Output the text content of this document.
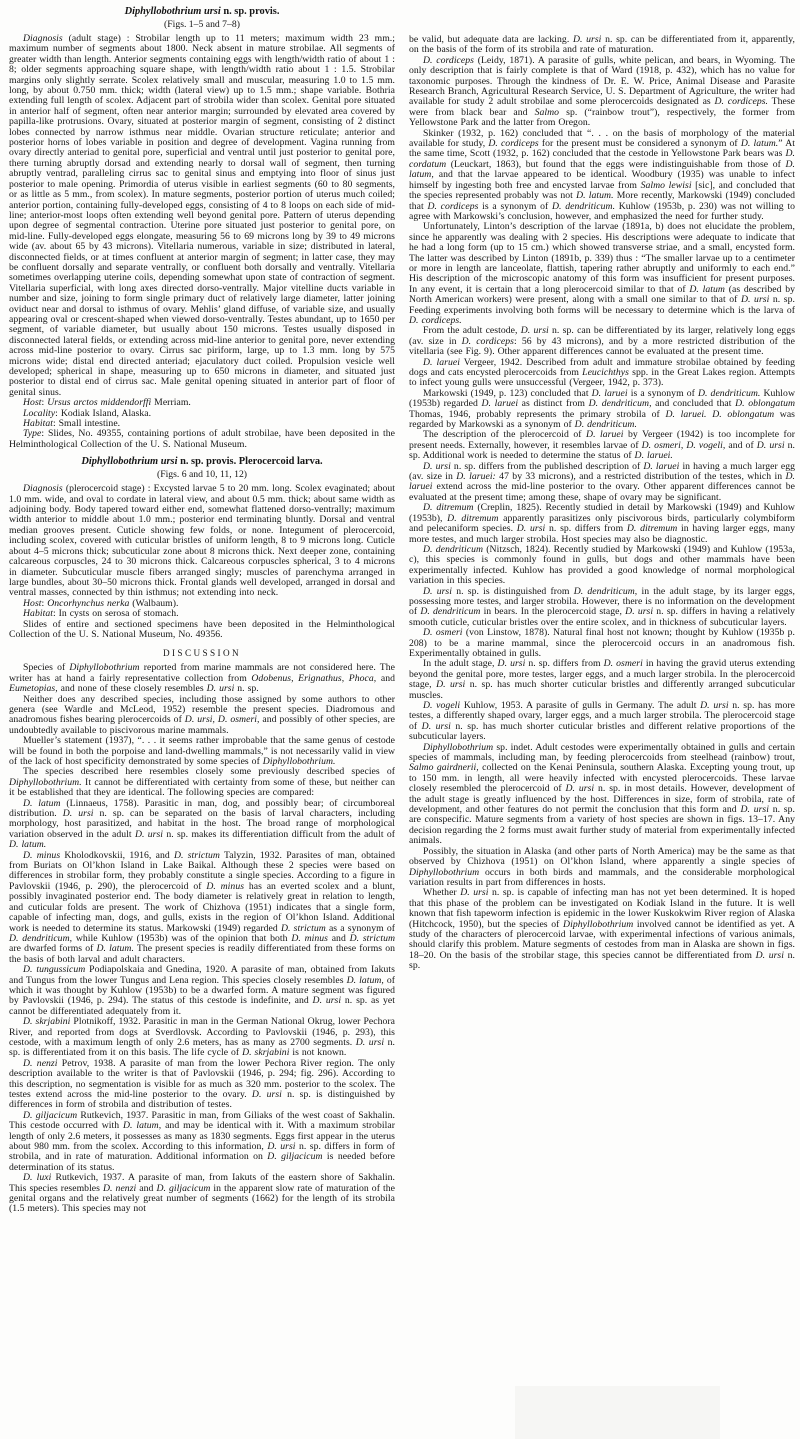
Diphyllobothrium ursi n. sp. provis.
(Figs. 1–5 and 7–8)

Diagnosis (adult stage) : Strobilar length up to 11 meters; maximum width 23 mm.; maximum number of segments about 1800. Neck absent in mature strobilae. All segments of greater width than length. Anterior segments containing eggs with length/width ratio of about 1 : 8; older segments approaching square shape, with length/width ratio about 1 : 1.5. Strobilar margins only slightly serrate. Scolex relatively small and muscular, measuring 1.0 to 1.5 mm. long, by about 0.750 mm. thick; width (lateral view) up to 1.5 mm.; shape variable. Bothria extending full length of scolex. Adjacent part of strobila wider than scolex. Genital pore situated in anterior half of segment, often near anterior margin; surrounded by elevated area covered by papilla-like protrusions. Ovary, situated at posterior margin of segment, consisting of 2 distinct lobes connected by narrow isthmus near middle. Ovarian structure reticulate; anterior and posterior horns of lobes variable in position and degree of development. Vagina running from ovary directly anteriad to genital pore, superficial and ventral until just posterior to genital pore, there turning abruptly dorsad and extending nearly to dorsal wall of segment, then turning abruptly ventrad, paralleling cirrus sac to genital sinus and emptying into floor of sinus just posterior to male opening. Primordia of uterus visible in earliest segments (60 to 80 segments, or as little as 5 mm., from scolex). In mature segments, posterior portion of uterus much coiled; anterior portion, containing fully-developed eggs, consisting of 4 to 8 loops on each side of mid-line; anterior-most loops often extending well beyond genital pore. Pattern of uterus depending upon degree of segmental contraction. Uterine pore situated just posterior to genital pore, on mid-line. Fully-developed eggs elongate, measuring 56 to 69 microns long by 39 to 49 microns wide (av. about 65 by 43 microns). Vitellaria numerous, variable in size; distributed in lateral, disconnected fields, or at times confluent at anterior margin of segment; in latter case, they may be confluent dorsally and separate ventrally, or confluent both dorsally and ventrally. Vitellaria sometimes overlapping uterine coils, depending somewhat upon state of contraction of segment. Vitellaria superficial, with long axes directed dorso-ventrally. Major vitelline ducts variable in number and size, joining to form single primary duct of relatively large diameter, latter joining oviduct near and dorsal to isthmus of ovary. Mehlis’ gland diffuse, of variable size, and usually appearing oval or crescent-shaped when viewed dorso-ventrally. Testes abundant, up to 1650 per segment, of variable diameter, but usually about 150 microns. Testes usually disposed in disconnected lateral fields, or extending across mid-line anterior to genital pore, never extending across mid-line posterior to ovary. Cirrus sac piriform, large, up to 1.3 mm. long by 575 microns wide; distal end directed anteriad; ejaculatory duct coiled. Propulsion vesicle well developed; spherical in shape, measuring up to 650 microns in diameter, and situated just posterior to distal end of cirrus sac. Male genital opening situated in anterior part of floor of genital sinus.

Host: Ursus arctos middendorffi Merriam.

Locality: Kodiak Island, Alaska.

Habitat: Small intestine.

Type: Slides, No. 49355, containing portions of adult strobilae, have been deposited in the Helminthological Collection of the U. S. National Museum.

Diphyllobothrium ursi n. sp. provis. Plerocercoid larva.
(Figs. 6 and 10, 11, 12)

Diagnosis (plerocercoid stage) : Excysted larvae 5 to 20 mm. long. Scolex evaginated; about 1.0 mm. wide, and oval to cordate in lateral view, and about 0.5 mm. thick; about same width as adjoining body. Body tapered toward either end, somewhat flattened dorso-ventrally; maximum width anterior to middle about 1.0 mm.; posterior end terminating bluntly. Dorsal and ventral median grooves present. Cuticle showing few folds, or none. Integument of plerocercoid, including scolex, covered with cuticular bristles of uniform length, 8 to 9 microns long. Cuticle about 4–5 microns thick; subcuticular zone about 8 microns thick. Next deeper zone, containing calcareous corpuscles, 24 to 30 microns thick. Calcareous corpuscles spherical, 3 to 4 microns in diameter. Subcuticular muscle fibers arranged singly; muscles of parenchyma arranged in large bundles, about 30–50 microns thick. Frontal glands well developed, arranged in dorsal and ventral masses, connected by thin isthmus; not extending into neck.

Host: Oncorhynchus nerka (Walbaum).

Habitat: In cysts on serosa of stomach.

Slides of entire and sectioned specimens have been deposited in the Helminthological Collection of the U. S. National Museum, No. 49356.

DISCUSSION

Species of Diphyllobothrium reported from marine mammals are not considered here. The writer has at hand a fairly representative collection from Odobenus, Erignathus, Phoca, and Eumetopias, and none of these closely resembles D. ursi n. sp.

Neither does any described species, including those assigned by some authors to other genera (see Wardle and McLeod, 1952) resemble the present species. Diadromous and anadromous fishes bearing plerocercoids of D. ursi, D. osmeri, and possibly of other species, are undoubtedly available to piscivorous marine mammals.

Mueller’s statement (1937), “. . . it seems rather improbable that the same genus of cestode will be found in both the porpoise and land-dwelling mammals,” is not necessarily valid in view of the lack of host specificity demonstrated by some species of Diphyllobothrium.

The species described here resembles closely some previously described species of Diphyllobothrium. It cannot be differentiated with certainty from some of these, but neither can it be established that they are identical. The following species are compared:

D. latum (Linnaeus, 1758). Parasitic in man, dog, and possibly bear; of circumboreal distribution. D. ursi n. sp. can be separated on the basis of larval characters, including morphology, host parasitized, and habitat in the host. The broad range of morphological variation observed in the adult D. ursi n. sp. makes its differentiation difficult from the adult of D. latum.

D. minus Kholodkovskii, 1916, and D. strictum Talyzin, 1932. Parasites of man, obtained from Buriats on Ol’khon Island in Lake Baikal. Although these 2 species were based on differences in strobilar form, they probably constitute a single species. According to a figure in Pavlovskii (1946, p. 290), the plerocercoid of D. minus has an everted scolex and a blunt, possibly invaginated posterior end. The body diameter is relatively great in relation to length, and cuticular folds are present. The work of Chizhova (1951) indicates that a single form, capable of infecting man, dogs, and gulls, exists in the region of Ol’khon Island. Additional work is needed to determine its status. Markowski (1949) regarded D. strictum as a synonym of D. dendriticum, while Kuhlow (1953b) was of the opinion that both D. minus and D. strictum are dwarfed forms of D. latum. The present species is readily differentiated from these forms on the basis of both larval and adult characters.

D. tungussicum Podiapolskaia and Gnedina, 1920. A parasite of man, obtained from Iakuts and Tungus from the lower Tungus and Lena region. This species closely resembles D. latum, of which it was thought by Kuhlow (1953b) to be a dwarfed form. A mature segment was figured by Pavlovskii (1946, p. 294). The status of this cestode is indefinite, and D. ursi n. sp. as yet cannot be differentiated adequately from it.

D. skrjabini Plotnikoff, 1932. Parasitic in man in the German National Okrug, lower Pechora River, and reported from dogs at Sverdlovsk. According to Pavlovskii (1946, p. 293), this cestode, with a maximum length of only 2.6 meters, has as many as 2700 segments. D. ursi n. sp. is differentiated from it on this basis. The life cycle of D. skrjabini is not known.

D. nenzi Petrov, 1938. A parasite of man from the lower Pechora River region. The only description available to the writer is that of Pavlovskii (1946, p. 294; fig. 296). According to this description, no segmentation is visible for as much as 320 mm. posterior to the scolex. The testes extend across the mid-line posterior to the ovary. D. ursi n. sp. is distinguished by differences in form of strobila and distribution of testes.

D. giljacicum Rutkevich, 1937. Parasitic in man, from Giliaks of the west coast of Sakhalin. This cestode occurred with D. latum, and may be identical with it. With a maximum strobilar length of only 2.6 meters, it possesses as many as 1830 segments. Eggs first appear in the uterus about 980 mm. from the scolex. According to this information, D. ursi n. sp. differs in form of strobila, and in rate of maturation. Additional information on D. giljacicum is needed before determination of its status.

D. luxi Rutkevich, 1937. A parasite of man, from Iakuts of the eastern shore of Sakhalin. This species resembles D. nenzi and D. giljacicum in the apparent slow rate of maturation of the genital organs and the relatively great number of segments (1662) for the length of its strobila (1.5 meters). This species may not

be valid, but adequate data are lacking. D. ursi n. sp. can be differentiated from it, apparently, on the basis of the form of its strobila and rate of maturation.

D. cordiceps (Leidy, 1871). A parasite of gulls, white pelican, and bears, in Wyoming. The only description that is fairly complete is that of Ward (1918, p. 432), which has no value for taxonomic purposes. Through the kindness of Dr. E. W. Price, Animal Disease and Parasite Research Branch, Agricultural Research Service, U. S. Department of Agriculture, the writer had available for study 2 adult strobilae and some plerocercoids designated as D. cordiceps. These were from black bear and Salmo sp. (“rainbow trout”), respectively, the former from Yellowstone Park and the latter from Oregon.

Skinker (1932, p. 162) concluded that “. . . on the basis of morphology of the material available for study, D. cordiceps for the present must be considered a synonym of D. latum.” At the same time, Scott (1932, p. 162) concluded that the cestode in Yellowstone Park bears was D. cordatum (Leuckart, 1863), but found that the eggs were indistinguishable from those of D. latum, and that the larvae appeared to be identical. Woodbury (1935) was unable to infect himself by ingesting both free and encysted larvae from Salmo lewisi [sic], and concluded that the species represented probably was not D. latum. More recently, Markowski (1949) concluded that D. cordiceps is a synonym of D. dendriticum. Kuhlow (1953b, p. 230) was not willing to agree with Markowski’s conclusion, however, and emphasized the need for further study.

Unfortunately, Linton’s description of the larvae (1891a, b) does not elucidate the problem, since he apparently was dealing with 2 species. His descriptions were adequate to indicate that he had a long form (up to 15 cm.) which showed transverse striae, and a small, encysted form. The latter was described by Linton (1891b, p. 339) thus : “The smaller larvae up to a centimeter or more in length are lanceolate, flattish, tapering rather abruptly and uniformly to each end.” His description of the microscopic anatomy of this form was insufficient for present purposes. In any event, it is certain that a long plerocercoid similar to that of D. latum (as described by North American workers) were present, along with a small one similar to that of D. ursi n. sp. Feeding experiments involving both forms will be necessary to determine which is the larva of D. cordiceps.

From the adult cestode, D. ursi n. sp. can be differentiated by its larger, relatively long eggs (av. size in D. cordiceps: 56 by 43 microns), and by a more restricted distribution of the vitellaria (see Fig. 9). Other apparent differences cannot be evaluated at the present time.

D. laruei Vergeer, 1942. Described from adult and immature strobilae obtained by feeding dogs and cats encysted plerocercoids from Leucichthys spp. in the Great Lakes region. Attempts to infect young gulls were unsuccessful (Vergeer, 1942, p. 373).

Markowski (1949, p. 123) concluded that D. laruei is a synonym of D. dendriticum. Kuhlow (1953b) regarded D. laruei as distinct from D. dendriticum, and concluded that D. oblongatum Thomas, 1946, probably represents the primary strobila of D. laruei. D. oblongatum was regarded by Markowski as a synonym of D. dendriticum.

The description of the plerocercoid of D. laruei by Vergeer (1942) is too incomplete for present needs. Externally, however, it resembles larvae of D. osmeri, D. vogeli, and of D. ursi n. sp. Additional work is needed to determine the status of D. laruei.

D. ursi n. sp. differs from the published description of D. laruei in having a much larger egg (av. size in D. laruei: 47 by 33 microns), and a restricted distribution of the testes, which in D. laruei extend across the mid-line posterior to the ovary. Other apparent differences cannot be evaluated at the present time; among these, shape of ovary may be significant.

D. ditremum (Creplin, 1825). Recently studied in detail by Markowski (1949) and Kuhlow (1953b), D. ditremum apparently parasitizes only piscivorous birds, particularly colymbiform and pelecaniform species. D. ursi n. sp. differs from D. ditremum in having larger eggs, many more testes, and much larger strobila. Host species may also be diagnostic.

D. dendriticum (Nitzsch, 1824). Recently studied by Markowski (1949) and Kuhlow (1953a, c), this species is commonly found in gulls, but dogs and other mammals have been experimentally infected. Kuhlow has provided a good knowledge of normal morphological variation in this species.

D. ursi n. sp. is distinguished from D. dendriticum, in the adult stage, by its larger eggs, possessing more testes, and larger strobila. However, there is no information on the development of D. dendriticum in bears. In the plerocercoid stage, D. ursi n. sp. differs in having a relatively smooth cuticle, cuticular bristles over the entire scolex, and in thickness of subcuticular layers.

D. osmeri (von Linstow, 1878). Natural final host not known; thought by Kuhlow (1935b p. 208) to be a marine mammal, since the plerocercoid occurs in an anadromous fish. Experimentally obtained in gulls.

In the adult stage, D. ursi n. sp. differs from D. osmeri in having the gravid uterus extending beyond the genital pore, more testes, larger eggs, and a much larger strobila. In the plerocercoid stage, D. ursi n. sp. has much shorter cuticular bristles and differently arranged subcuticular muscles.

D. vogeli Kuhlow, 1953. A parasite of gulls in Germany. The adult D. ursi n. sp. has more testes, a differently shaped ovary, larger eggs, and a much larger strobila. The plerocercoid stage of D. ursi n. sp. has much shorter cuticular bristles and different relative proportions of the subcuticular layers.

Diphyllobothrium sp. indet. Adult cestodes were experimentally obtained in gulls and certain species of mammals, including man, by feeding plerocercoids from steelhead (rainbow) trout, Salmo gairdnerii, collected on the Kenai Peninsula, southern Alaska. Excepting young trout, up to 150 mm. in length, all were heavily infected with encysted plerocercoids. These larvae closely resembled the plerocercoid of D. ursi n. sp. in most details. However, development of the adult stage is greatly influenced by the host. Differences in size, form of strobila, rate of development, and other features do not permit the conclusion that this form and D. ursi n. sp. are conspecific. Mature segments from a variety of host species are shown in figs. 13–17. Any decision regarding the 2 forms must await further study of material from experimentally infected animals.

Possibly, the situation in Alaska (and other parts of North America) may be the same as that observed by Chizhova (1951) on Ol’khon Island, where apparently a single species of Diphyllobothrium occurs in both birds and mammals, and the considerable morphological variation results in part from differences in hosts.

Whether D. ursi n. sp. is capable of infecting man has not yet been determined. It is hoped that this phase of the problem can be investigated on Kodiak Island in the future. It is well known that fish tapeworm infection is epidemic in the lower Kuskokwim River region of Alaska (Hitchcock, 1950), but the species of Diphyllobothrium involved cannot be identified as yet. A study of the characters of plerocercoid larvae, with experimental infections of various animals, should clarify this problem. Mature segments of cestodes from man in Alaska are shown in figs. 18–20. On the basis of the strobilar stage, this species cannot be differentiated from D. ursi n. sp.
